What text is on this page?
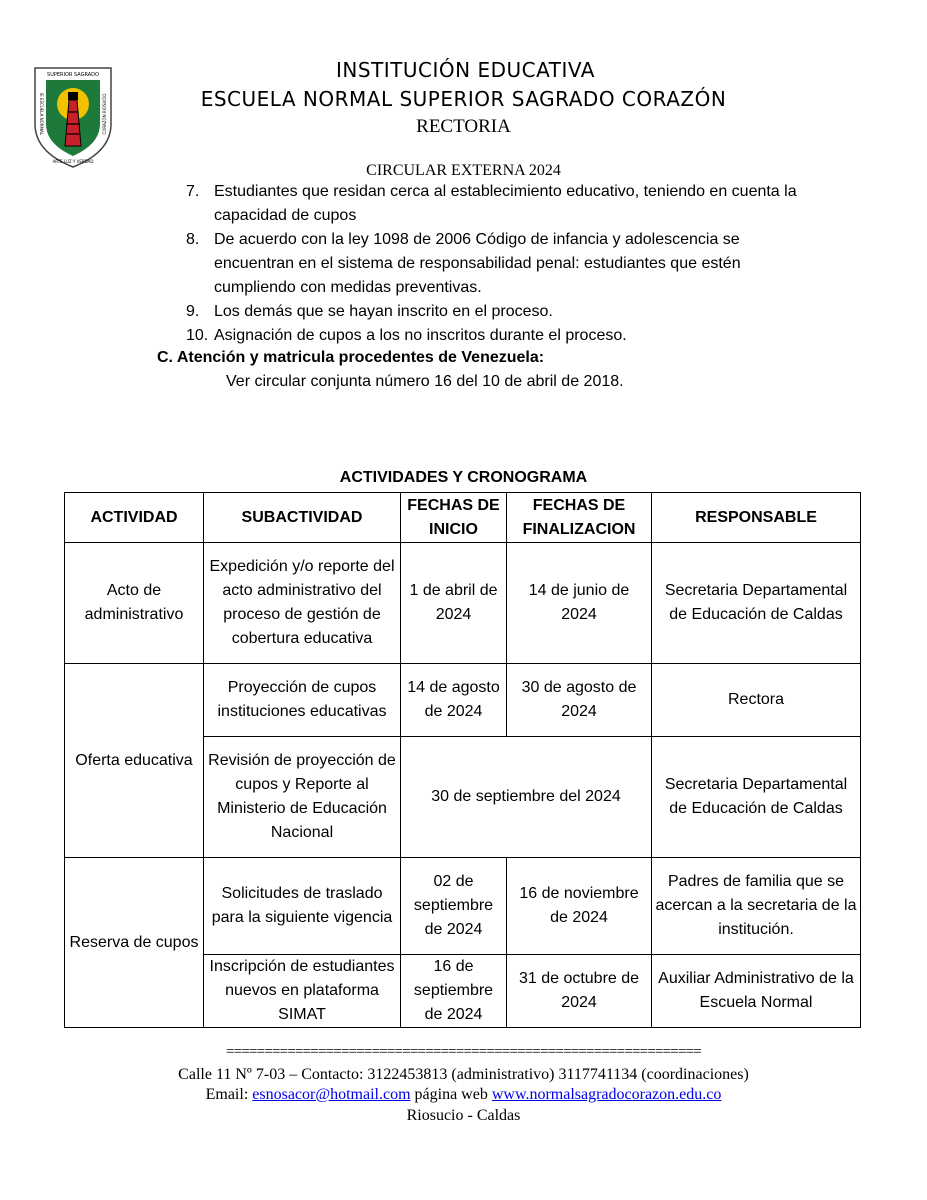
SUPERIOR SAGRADO
IE ESCUELA NORMAL	CORAZÓN RIOSUCIO
ARTE LUZ Y VERDAD
INSTITUCIÓN EDUCATIVA
ESCUELA NORMAL SUPERIOR SAGRADO CORAZÓN
RECTORIA
CIRCULAR EXTERNA 2024
7. Estudiantes que residan cerca al establecimiento educativo, teniendo en cuenta la capacidad de cupos
8. De acuerdo con la ley 1098 de 2006 Código de infancia y adolescencia se encuentran en el sistema de responsabilidad penal: estudiantes que estén cumpliendo con medidas preventivas.
9. Los demás que se hayan inscrito en el proceso.
10. Asignación de cupos a los no inscritos durante el proceso.
C. Atención y matricula procedentes de Venezuela:
Ver circular conjunta número 16 del 10 de abril de 2018.
ACTIVIDADES Y CRONOGRAMA
ACTIVIDAD	SUBACTIVIDAD	FECHAS DE INICIO	FECHAS DE FINALIZACION	RESPONSABLE
Acto de administrativo	Expedición y/o reporte del acto administrativo del proceso de gestión de cobertura educativa	1 de abril de 2024	14 de junio de 2024	Secretaria Departamental de Educación de Caldas
Oferta educativa	Proyección de cupos instituciones educativas	14 de agosto de 2024	30 de agosto de 2024	Rectora
	Revisión de proyección de cupos y Reporte al Ministerio de Educación Nacional	30 de septiembre del 2024		Secretaria Departamental de Educación de Caldas
Reserva de cupos	Solicitudes de traslado para la siguiente vigencia	02 de septiembre de 2024	16 de noviembre de 2024	Padres de familia que se acercan a la secretaria de la institución.
	Inscripción de estudiantes nuevos en plataforma SIMAT	16 de septiembre de 2024	31 de octubre de 2024	Auxiliar Administrativo de la Escuela Normal
==============================================================
Calle 11 Nº 7-03 – Contacto: 3122453813 (administrativo) 3117741134 (coordinaciones)
Email: esnosacor@hotmail.com página web www.normalsagradocorazon.edu.co
Riosucio - Caldas
